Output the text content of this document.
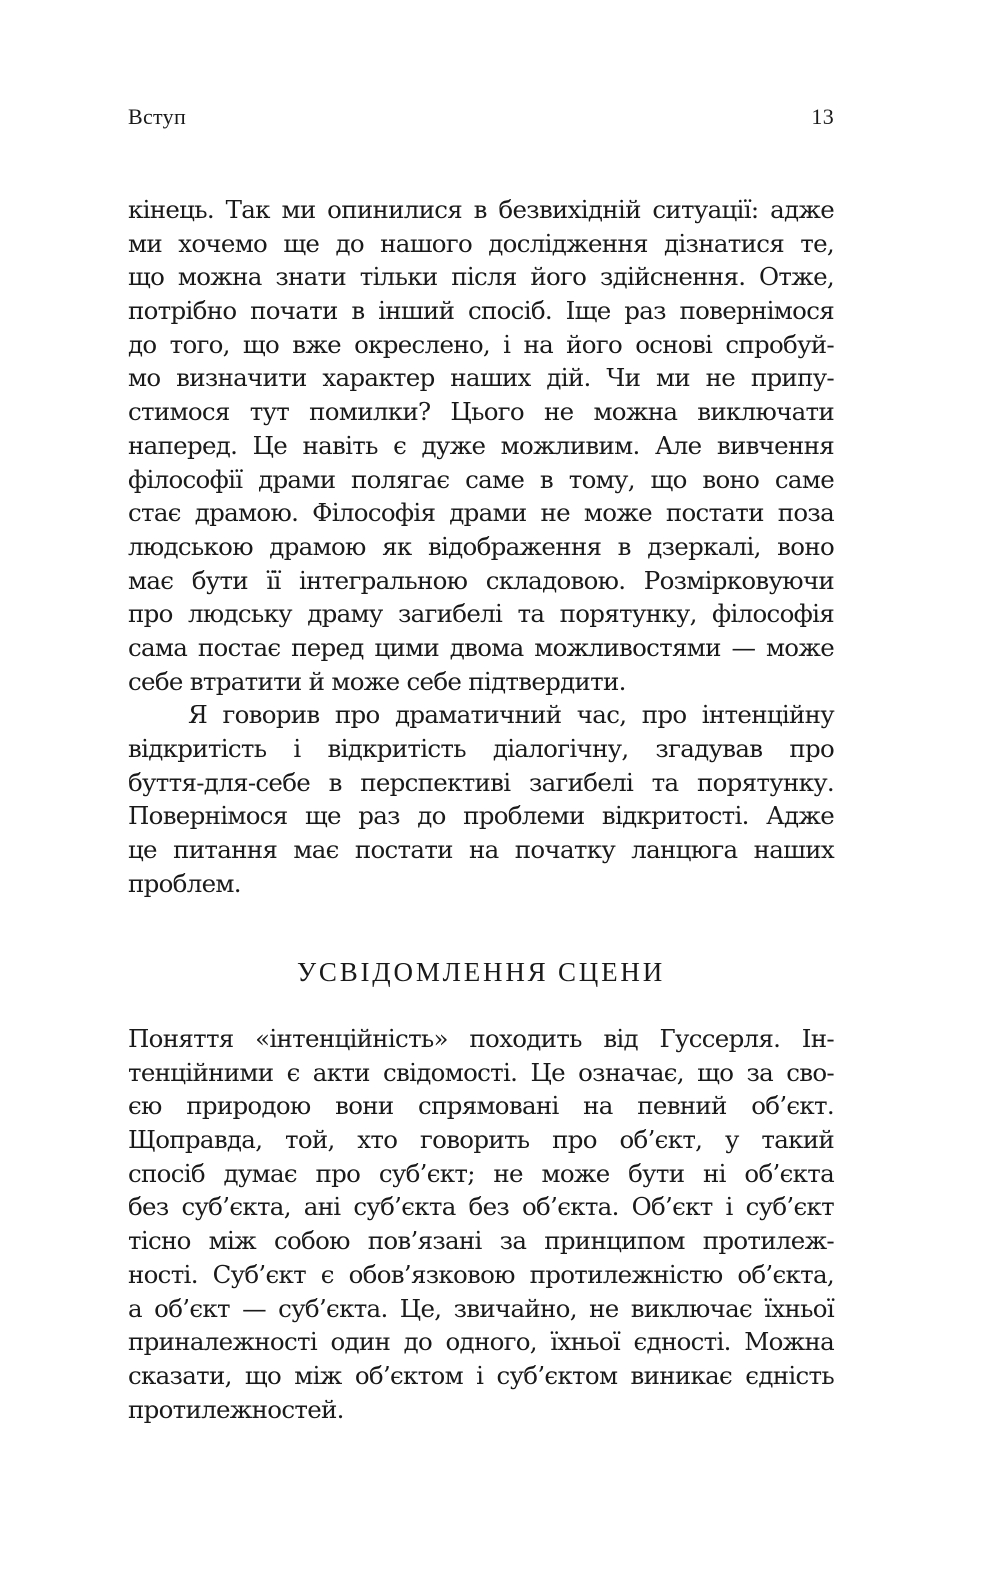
Вступ	13
кінець. Так ми опинилися в безвихідній ситуації: адже
ми хочемо ще до нашого дослідження дізнатися те,
що можна знати тільки після його здійснення. Отже,
потрібно почати в інший спосіб. Іще раз повернімося
до того, що вже окреслено, і на його основі спробуй-
мо визначити характер наших дій. Чи ми не припу-
стимося тут помилки? Цього не можна виключати
наперед. Це навіть є дуже можливим. Але вивчення
філософії драми полягає саме в тому, що воно саме
стає драмою. Філософія драми не може постати поза
людською драмою як відображення в дзеркалі, воно
має бути її інтегральною складовою. Розмірковуючи
про людську драму загибелі та порятунку, філософія
сама постає перед цими двома можливостями — може
себе втратити й може себе підтвердити.
Я говорив про драматичний час, про інтенційну
відкритість і відкритість діалогічну, згадував про
буття-для-себе в перспективі загибелі та порятунку.
Повернімося ще раз до проблеми відкритості. Адже
це питання має постати на початку ланцюга наших
проблем.
УСВІДОМЛЕННЯ СЦЕНИ
Поняття «інтенційність» походить від Гуссерля. Ін-
тенційними є акти свідомості. Це означає, що за сво-
єю природою вони спрямовані на певний об’єкт.
Щоправда, той, хто говорить про об’єкт, у такий
спосіб думає про суб’єкт; не може бути ні об’єкта
без суб’єкта, ані суб’єкта без об’єкта. Об’єкт і суб’єкт
тісно між собою пов’язані за принципом протилеж-
ності. Суб’єкт є обов’язковою протилежністю об’єкта,
а об’єкт — суб’єкта. Це, звичайно, не виключає їхньої
приналежності один до одного, їхньої єдності. Можна
сказати, що між об’єктом і суб’єктом виникає єдність
протилежностей.
